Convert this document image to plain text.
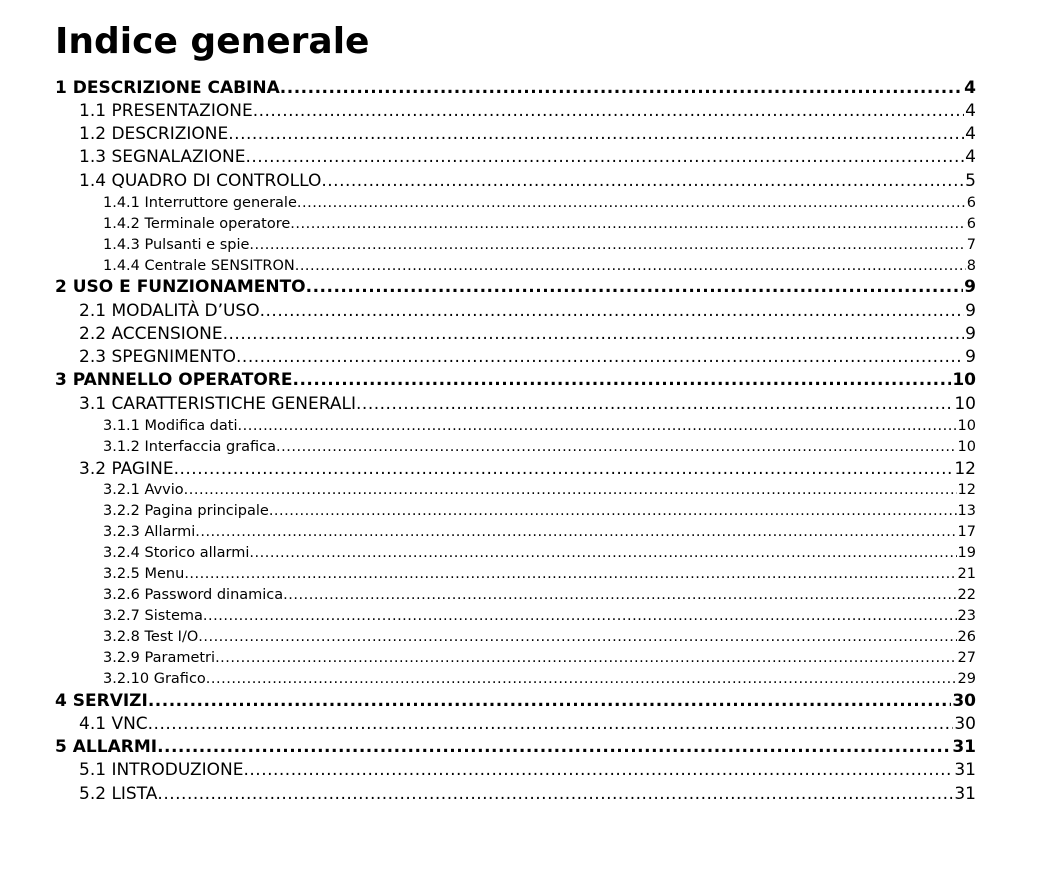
Indice generale
1 DESCRIZIONE CABINA .....	4
1.1 PRESENTAZIONE .....	4
1.2 DESCRIZIONE .....	4
1.3 SEGNALAZIONE .....	4
1.4 QUADRO DI CONTROLLO .....	5
1.4.1 Interruttore generale .....	6
1.4.2 Terminale operatore .....	6
1.4.3 Pulsanti e spie .....	7
1.4.4 Centrale SENSITRON .....	8
2 USO E FUNZIONAMENTO .....	9
2.1 MODALITÀ D’USO .....	9
2.2 ACCENSIONE .....	9
2.3 SPEGNIMENTO .....	9
3 PANNELLO OPERATORE .....	10
3.1 CARATTERISTICHE GENERALI .....	10
3.1.1 Modifica dati .....	10
3.1.2 Interfaccia grafica .....	10
3.2 PAGINE .....	12
3.2.1 Avvio .....	12
3.2.2 Pagina principale .....	13
3.2.3 Allarmi .....	17
3.2.4 Storico allarmi .....	19
3.2.5 Menu .....	21
3.2.6 Password dinamica .....	22
3.2.7 Sistema .....	23
3.2.8 Test I/O .....	26
3.2.9 Parametri .....	27
3.2.10 Grafico .....	29
4 SERVIZI .....	30
4.1 VNC .....	30
5 ALLARMI .....	31
5.1 INTRODUZIONE .....	31
5.2 LISTA .....	31
